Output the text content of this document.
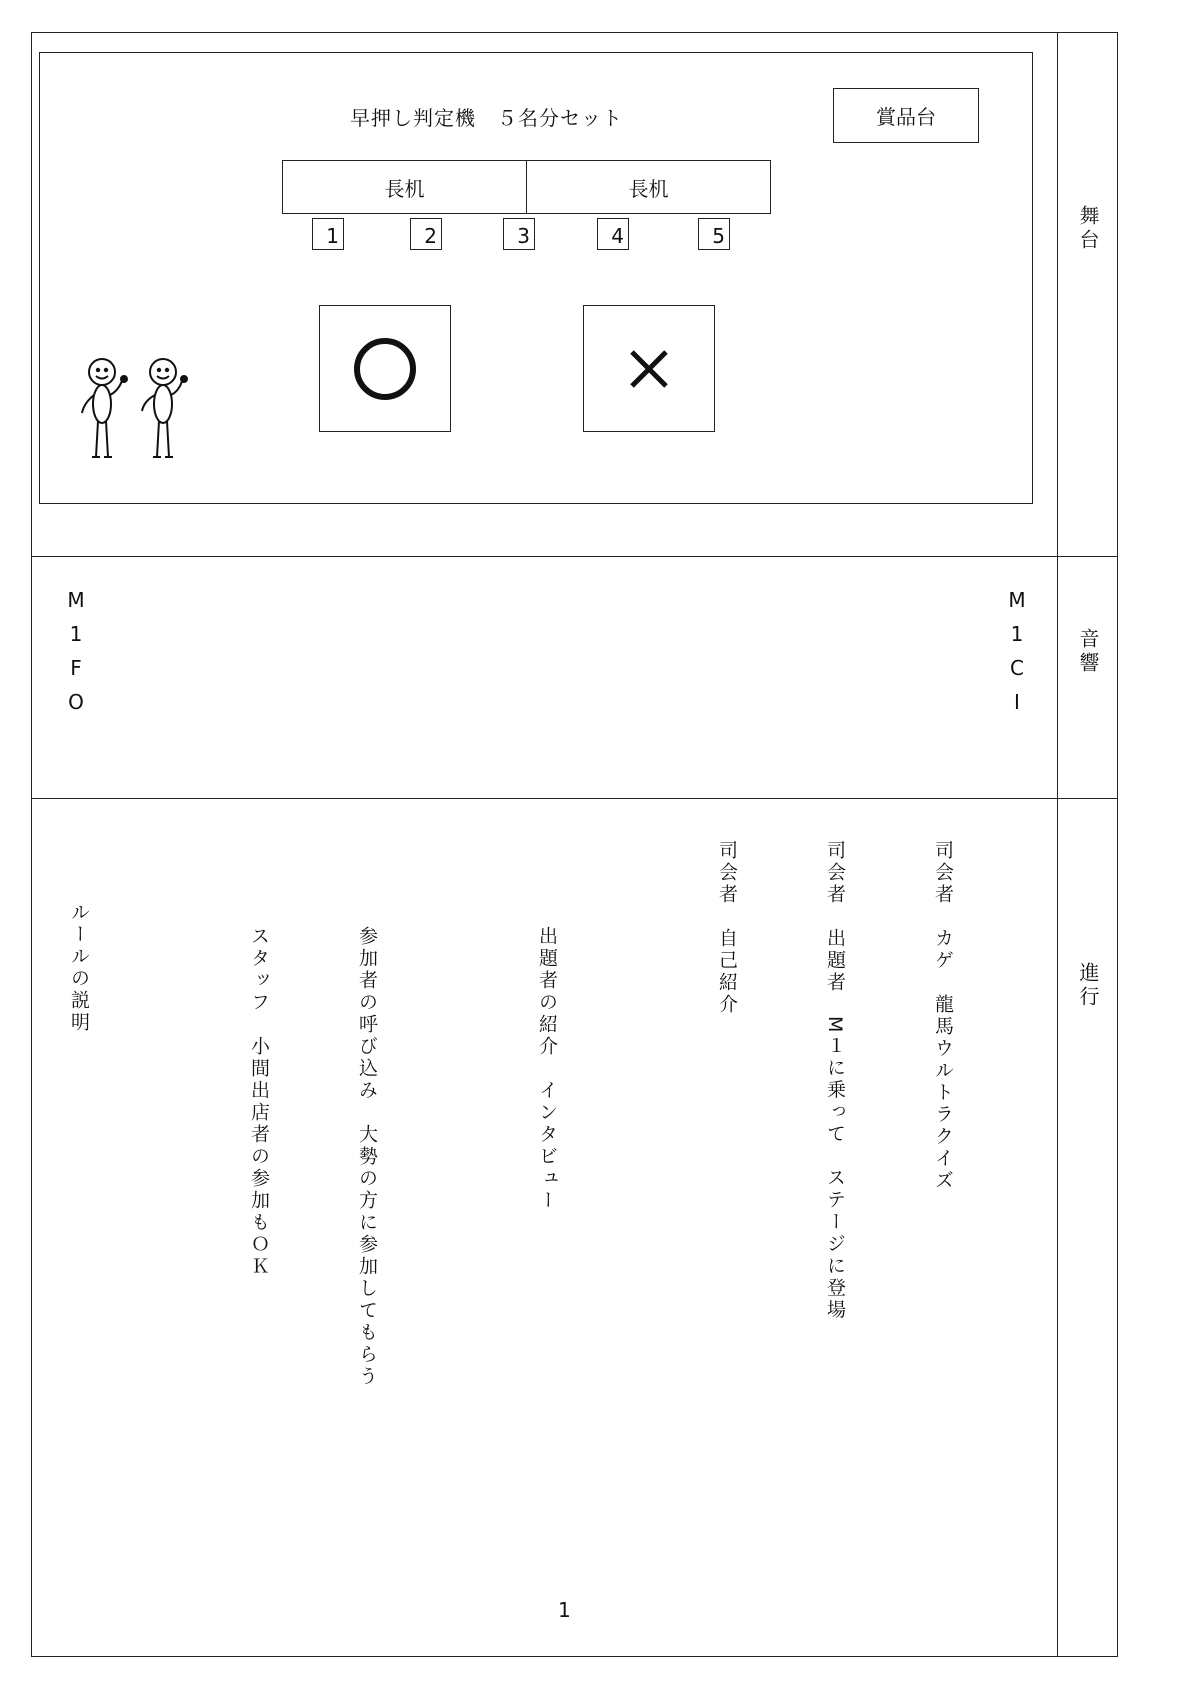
舞台
音響
進行
早押し判定機　５名分セット	賞品台
長机	長机
1	2	3	4	5
M1CI
M1FO

司会者　カゲ　龍馬ウルトラクイズ

司会者　出題者　M１に乗って　ステージに登場

司会者　自己紹介

出題者の紹介　インタビュー

参加者の呼び込み　大勢の方に参加してもらう

スタッフ　小間出店者の参加もＯＫ

ルールの説明

1
